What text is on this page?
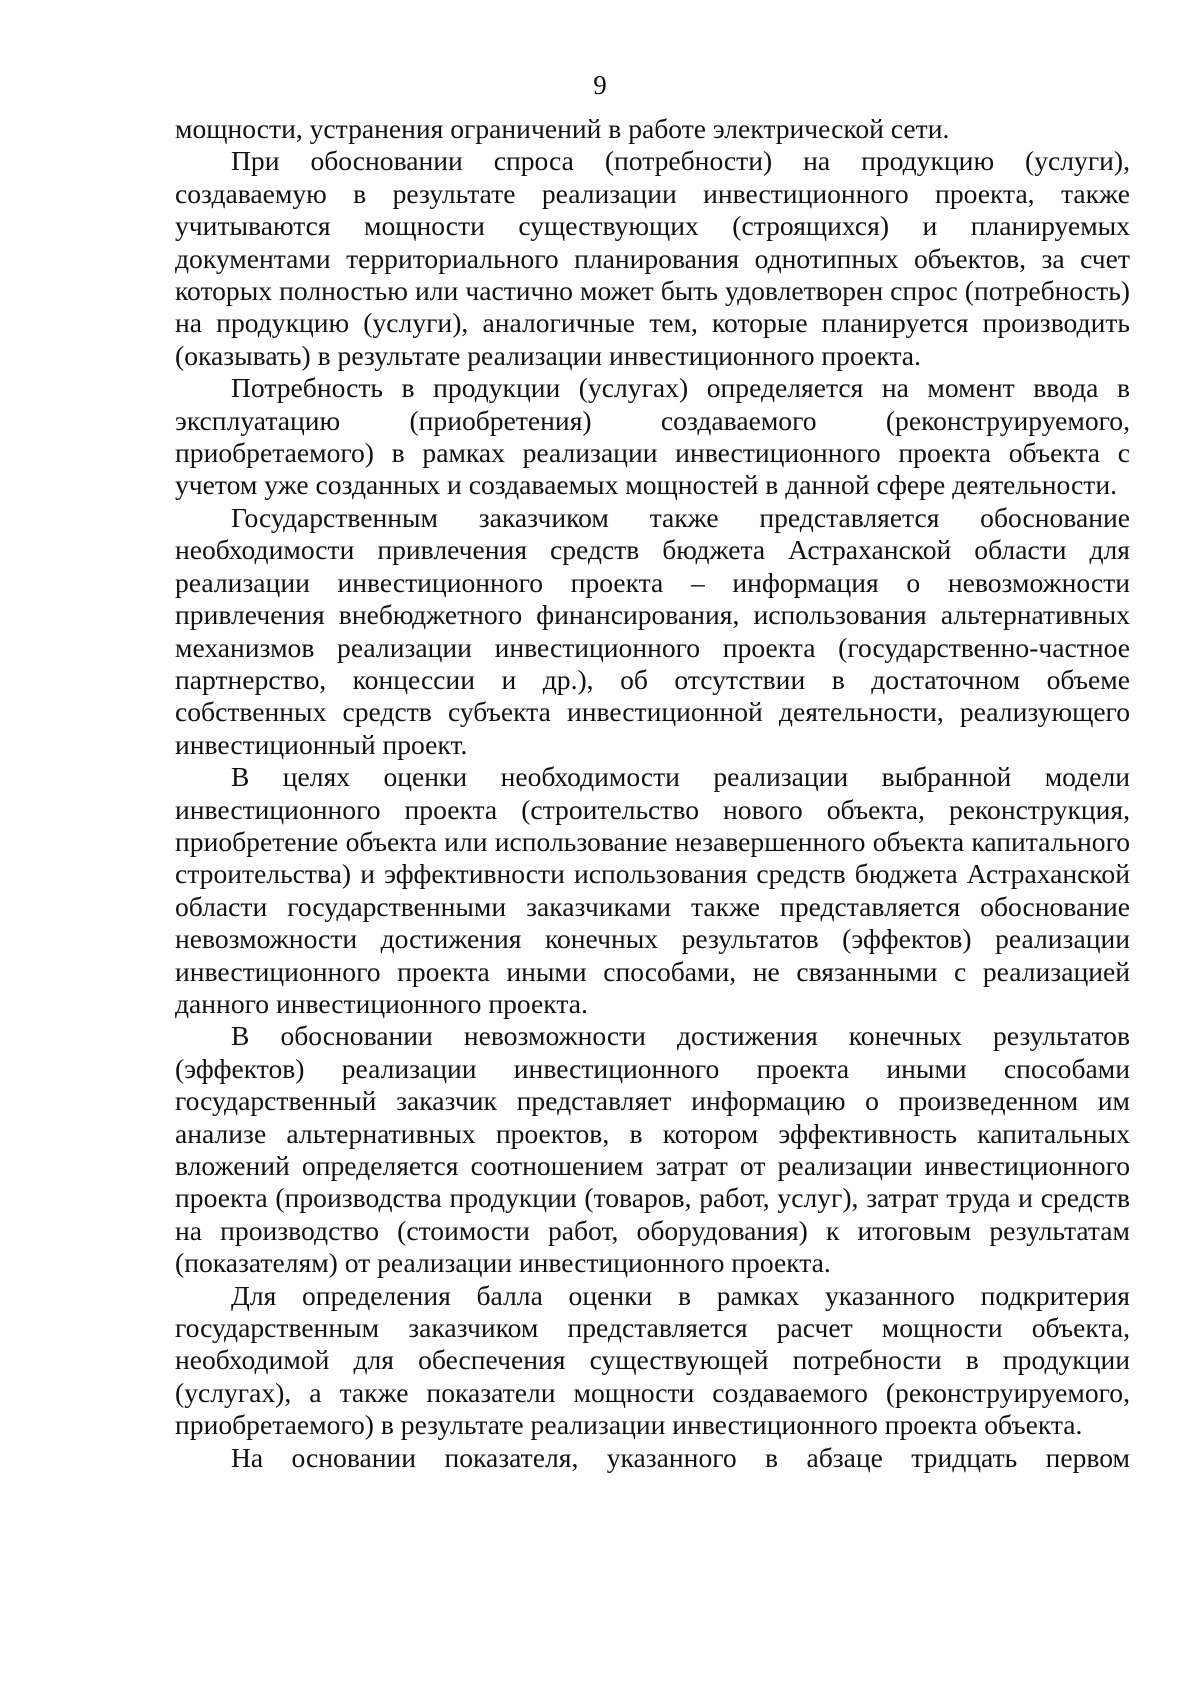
9

мощности, устранения ограничений в работе электрической сети.

При обосновании спроса (потребности) на продукцию (услуги), создаваемую в результате реализации инвестиционного проекта, также учитываются мощности существующих (строящихся) и планируемых документами территориального планирования однотипных объектов, за счет которых полностью или частично может быть удовлетворен спрос (потребность) на продукцию (услуги), аналогичные тем, которые планируется производить (оказывать) в результате реализации инвестиционного проекта.

Потребность в продукции (услугах) определяется на момент ввода в эксплуатацию (приобретения) создаваемого (реконструируемого, приобретаемого) в рамках реализации инвестиционного проекта объекта с учетом уже созданных и создаваемых мощностей в данной сфере деятельности.

Государственным заказчиком также представляется обоснование необходимости привлечения средств бюджета Астраханской области для реализации инвестиционного проекта – информация о невозможности привлечения внебюджетного финансирования, использования альтернативных механизмов реализации инвестиционного проекта (государственно-частное партнерство, концессии и др.), об отсутствии в достаточном объеме собственных средств субъекта инвестиционной деятельности, реализующего инвестиционный проект.

В целях оценки необходимости реализации выбранной модели инвестиционного проекта (строительство нового объекта, реконструкция, приобретение объекта или использование незавершенного объекта капитального строительства) и эффективности использования средств бюджета Астраханской области государственными заказчиками также представляется обоснование невозможности достижения конечных результатов (эффектов) реализации инвестиционного проекта иными способами, не связанными с реализацией данного инвестиционного проекта.

В обосновании невозможности достижения конечных результатов (эффектов) реализации инвестиционного проекта иными способами государственный заказчик представляет информацию о произведенном им анализе альтернативных проектов, в котором эффективность капитальных вложений определяется соотношением затрат от реализации инвестиционного проекта (производства продукции (товаров, работ, услуг), затрат труда и средств на производство (стоимости работ, оборудования) к итоговым результатам (показателям) от реализации инвестиционного проекта.

Для определения балла оценки в рамках указанного подкритерия государственным заказчиком представляется расчет мощности объекта, необходимой для обеспечения существующей потребности в продукции (услугах), а также показатели мощности создаваемого (реконструируемого, приобретаемого) в результате реализации инвестиционного проекта объекта.

На основании показателя, указанного в абзаце тридцать первом
